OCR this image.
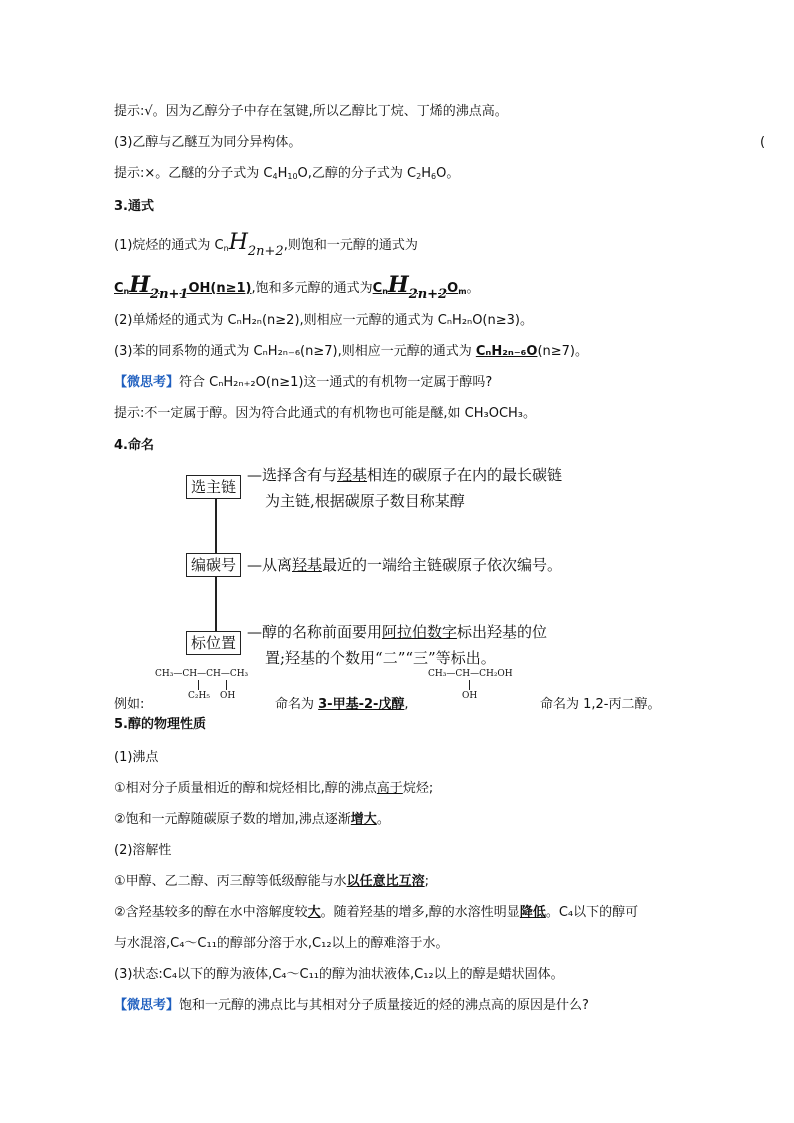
提示:√。因为乙醇分子中存在氢键,所以乙醇比丁烷、丁烯的沸点高。
(3)乙醇与乙醚互为同分异构体。	(
提示:×。乙醚的分子式为 $C_4H_{10}O$,乙醇的分子式为 $C_2H_6O$。
3.通式
(1)烷烃的通式为 $C_nH2n+2$,则饱和一元醇的通式为
$C_nH2n+1OH(n\ge 1)$,饱和多元醇的通式为$C_nH2n+2O_m$。
(2)单烯烃的通式为 CₙH₂ₙ(n≥2),则相应一元醇的通式为 CₙH₂ₙO(n≥3)。
(3)苯的同系物的通式为 CₙH₂ₙ₋₆(n≥7),则相应一元醇的通式为 CₙH₂ₙ₋₆O(n≥7)。
【微思考】符合 CₙH₂ₙ₊₂O(n≥1)这一通式的有机物一定属于醇吗?
提示:不一定属于醇。因为符合此通式的有机物也可能是醚,如 CH₃OCH₃。
4.命名
选主链
—选择含有与羟基相连的碳原子在内的最长碳链
为主链,根据碳原子数目称某醇
编碳号 —从离羟基最近的一端给主链碳原子依次编号。
标位置
—醇的名称前面要用阿拉伯数字标出羟基的位
置;羟基的个数用“二”“三”等标出。
CH₃—CH—CH—CH₃
C₂H₅ OH
CH₃—CH—CH₂OH
OH
例如:	命名为 3-甲基-2-戊醇,	命名为 1,2-丙二醇。
5.醇的物理性质
(1)沸点
①相对分子质量相近的醇和烷烃相比,醇的沸点高于烷烃;
②饱和一元醇随碳原子数的增加,沸点逐渐增大。
(2)溶解性
①甲醇、乙二醇、丙三醇等低级醇能与水以任意比互溶;
②含羟基较多的醇在水中溶解度较大。随着羟基的增多,醇的水溶性明显降低。C₄以下的醇可
与水混溶,C₄～C₁₁的醇部分溶于水,C₁₂以上的醇难溶于水。
(3)状态:C₄以下的醇为液体,C₄～C₁₁的醇为油状液体,C₁₂以上的醇是蜡状固体。
【微思考】饱和一元醇的沸点比与其相对分子质量接近的烃的沸点高的原因是什么?
